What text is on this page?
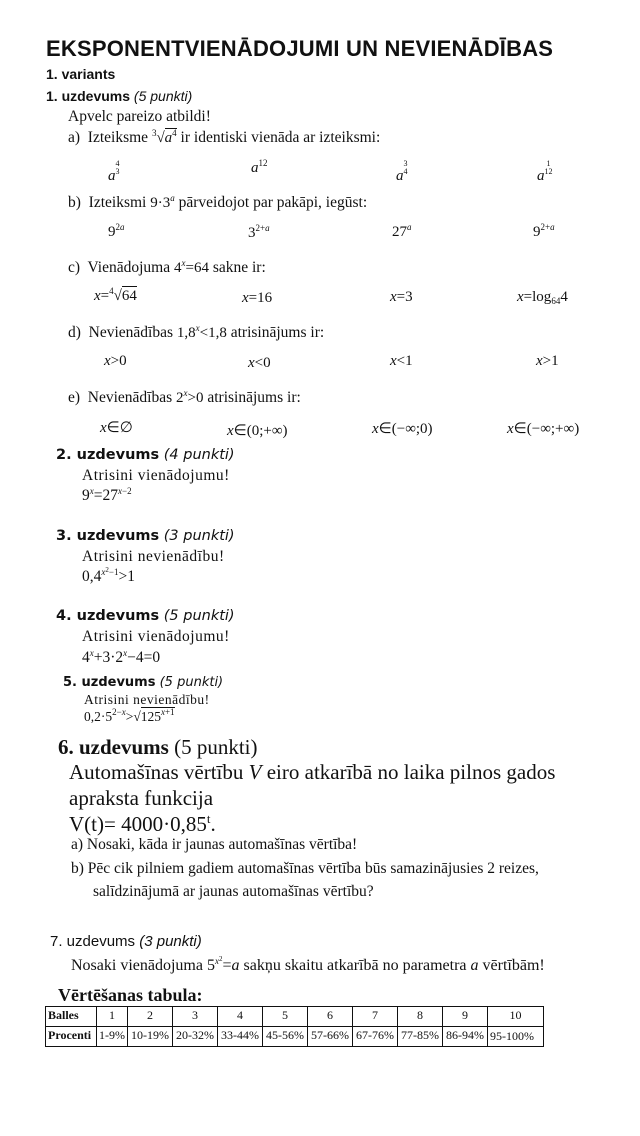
EKSPONENTVIENĀDOJUMI UN NEVIENĀDĪBAS
1. variants
1. uzdevums (5 punkti)
Apvelc pareizo atbildi!
a) Izteiksme $^3√a^4$ ir identiski vienāda ar izteiksmi:
a
4
3	$a^{12}$
a
3
4	a
1
12
b) Izteiksmi $9\cdot 3^a$ pārveidojot par pakāpi, iegūst:
$9^{2a}$	$3^{2+a}$	27$^a$	$9^{2+a}$
c) Vienādojuma $4^x=64$ sakne ir:
x=$^4$√64	x=16	x=3	$x=\log_{64}4$
d) Nevienādības $1,8^x<1,8$ atrisinājums ir:
x>0	x<0	x<1	x>1
e) Nevienādības $2^x>0$ atrisinājums ir:
x∈∅	x∈(0;+∞)	x∈(−∞;0)	x∈(−∞;+∞)
2. uzdevums (4 punkti)
Atrisini vienādojumu!
$9^x=27^{x-2}$
3. uzdevums (3 punkti)
Atrisini nevienādību!
$0,4^{x^2-1}>1$
4. uzdevums (5 punkti)
Atrisini vienādojumu!
$4^x+3\cdot 2^x-4=0$
5. uzdevums (5 punkti)
Atrisini nevienādību!
$0,2\cdot 5^{2-x}>√125^{x+1}$
6. uzdevums (5 punkti)
Automašīnas vērtību V eiro atkarībā no laika pilnos gados
apraksta funkcija
$V(t)= 4000\cdot 0,85^t$.
a) Nosaki, kāda ir jaunas automašīnas vērtība!
b) Pēc cik pilniem gadiem automašīnas vērtība būs samazinājusies 2 reizes,
salīdzinājumā ar jaunas automašīnas vērtību?
7. uzdevums (3 punkti)
Nosaki vienādojuma $5^{x^2}=a$ sakņu skaitu atkarībā no parametra a vērtībām!
Vērtēšanas tabula:
Balles	1	2	3	4	5	6	7	8	9	10
Procenti	1-9%	10-19%	20-32%	33-44%	45-56%	57-66%	67-76%	77-85%	86-94%	95-100%
